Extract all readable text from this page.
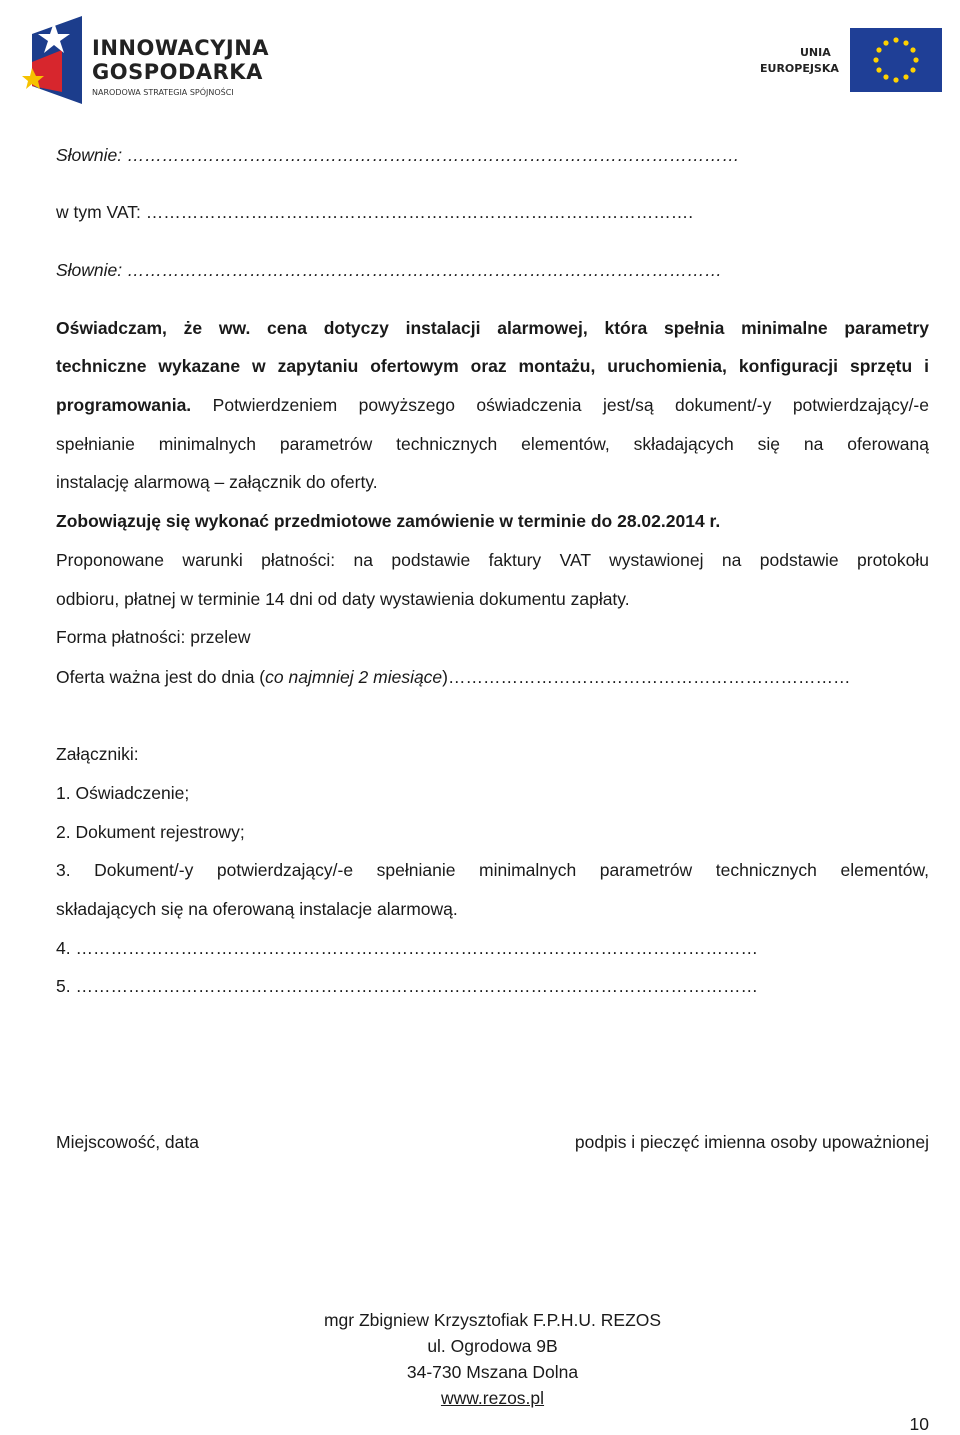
INNOWACYJNA
GOSPODARKA
NARODOWA STRATEGIA SPÓJNOŚCI
UNIA
EUROPEJSKA
Słownie: ……………………………………………………………………………………………
w tym VAT: ………………………………………………………………………………….
Słownie: …………………………………………………………………………………………
Oświadczam, że ww. cena dotyczy instalacji alarmowej, która spełnia minimalne parametry
techniczne wykazane w zapytaniu ofertowym oraz montażu, uruchomienia, konfiguracji sprzętu i
programowania. Potwierdzeniem powyższego oświadczenia jest/są dokument/-y potwierdzający/-e
spełnianie minimalnych parametrów technicznych elementów, składających się na oferowaną
instalację alarmową – załącznik do oferty.
Zobowiązuję się wykonać przedmiotowe zamówienie w terminie do 28.02.2014 r.
Proponowane warunki płatności: na podstawie faktury VAT wystawionej na podstawie protokołu
odbioru, płatnej w terminie 14 dni od daty wystawienia dokumentu zapłaty.
Forma płatności: przelew
Oferta ważna jest do dnia (co najmniej 2 miesiące)……………………………………………………………
Załączniki:
1. Oświadczenie;
2. Dokument rejestrowy;
3. Dokument/-y potwierdzający/-e spełnianie minimalnych parametrów technicznych elementów,
składających się na oferowaną instalacje alarmową.
4. ………………………………………………………………………………………………………
5. ………………………………………………………………………………………………………
Miejscowość, data	podpis i pieczęć imienna osoby upoważnionej
mgr Zbigniew Krzysztofiak F.P.H.U. REZOS
ul. Ogrodowa 9B
34-730 Mszana Dolna
www.rezos.pl
10
